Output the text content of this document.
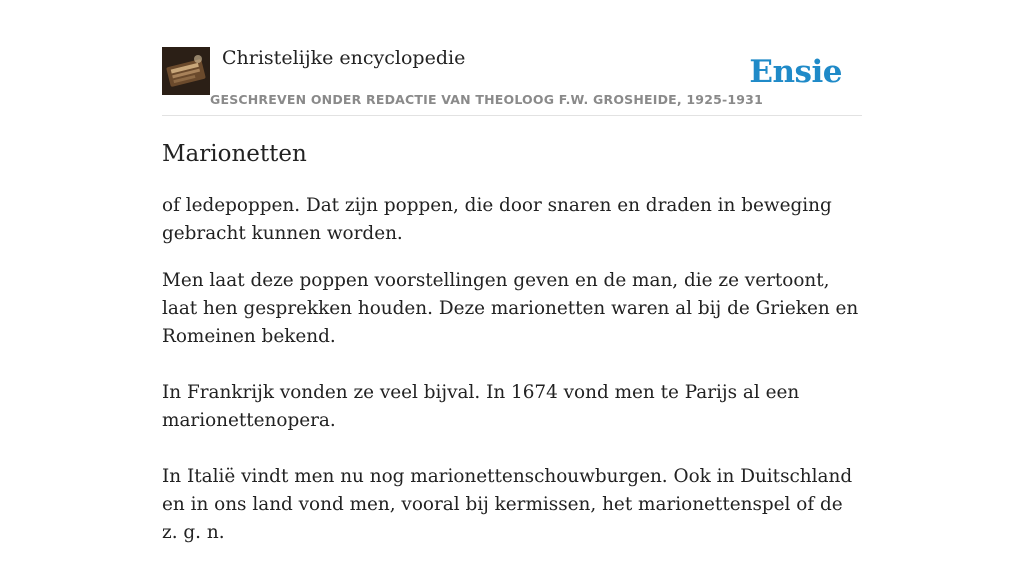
Christelijke encyclopedie
GESCHREVEN ONDER REDACTIE VAN THEOLOOG F.W. GROSHEIDE, 1925-1931
Ensie
Marionetten

of ledepoppen. Dat zijn poppen, die door snaren en draden in beweging gebracht kunnen worden.

Men laat deze poppen voorstellingen geven en de man, die ze vertoont, laat hen gesprekken houden. Deze marionetten waren al bij de Grieken en Romeinen bekend.

In Frankrijk vonden ze veel bijval. In 1674 vond men te Parijs al een marionettenopera.

In Italië vindt men nu nog marionettenschouwburgen. Ook in Duitschland en in ons land vond men, vooral bij kermissen, het marionettenspel of de z. g. n.
